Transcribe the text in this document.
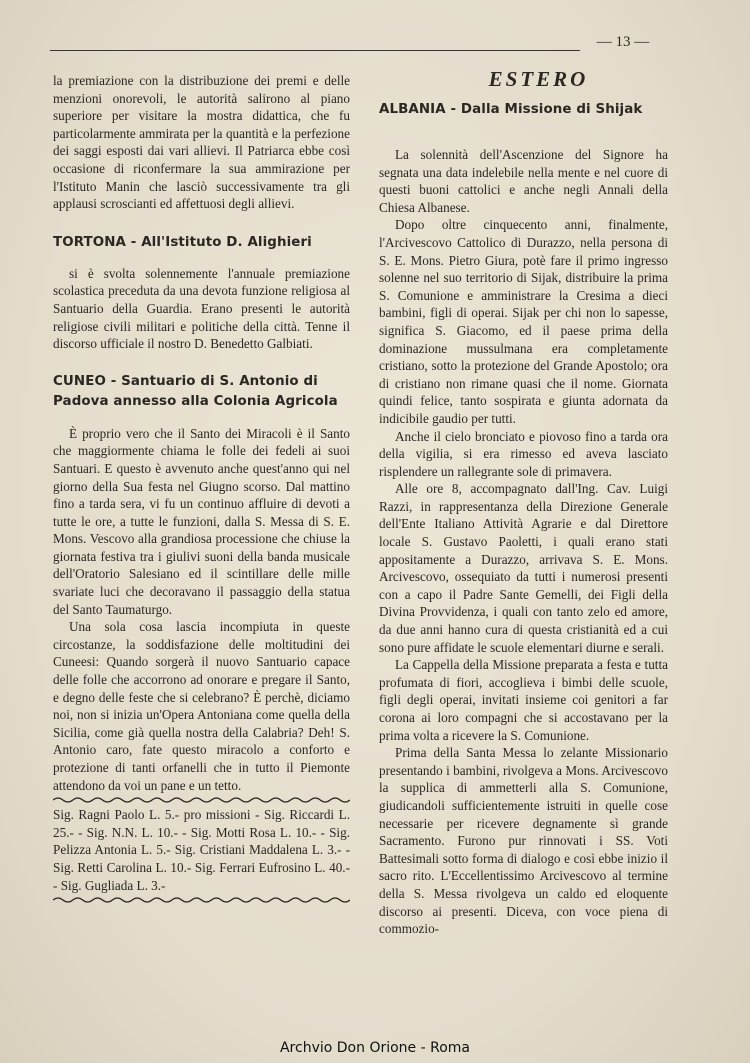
— 13 —

la premiazione con la distribuzione dei premi e delle menzioni onorevoli, le autorità salirono al piano superiore per visitare la mostra didattica, che fu particolarmente ammirata per la quantità e la perfezione dei saggi esposti dai vari allievi. Il Patriarca ebbe così occasione di riconfermare la sua ammirazione per l'Istituto Manin che lasciò successivamente tra gli applausi scroscianti ed affettuosi degli allievi.

TORTONA - All'Istituto D. Alighieri

si è svolta solennemente l'annuale premiazione scolastica preceduta da una devota funzione religiosa al Santuario della Guardia. Erano presenti le autorità religiose civili militari e politiche della città. Tenne il discorso ufficiale il nostro D. Benedetto Galbiati.

CUNEO - Santuario di S. Antonio di Padova annesso alla Colonia Agricola

È proprio vero che il Santo dei Miracoli è il Santo che maggiormente chiama le folle dei fedeli ai suoi Santuari. E questo è avvenuto anche quest'anno qui nel giorno della Sua festa nel Giugno scorso. Dal mattino fino a tarda sera, vi fu un continuo affluire di devoti a tutte le ore, a tutte le funzioni, dalla S. Messa di S. E. Mons. Vescovo alla grandiosa processione che chiuse la giornata festiva tra i giulivi suoni della banda musicale dell'Oratorio Salesiano ed il scintillare delle mille svariate luci che decoravano il passaggio della statua del Santo Taumaturgo.

Una sola cosa lascia incompiuta in queste circostanze, la soddisfazione delle moltitudini dei Cuneesi: Quando sorgerà il nuovo Santuario capace delle folle che accorrono ad onorare e pregare il Santo, e degno delle feste che si celebrano? È perchè, diciamo noi, non si inizia un'Opera Antoniana come quella della Sicilia, come già quella nostra della Calabria? Deh! S. Antonio caro, fate questo miracolo a conforto e protezione di tanti orfanelli che in tutto il Piemonte attendono da voi un pane e un tetto.

Sig. Ragni Paolo L. 5.- pro missioni - Sig. Riccardi L. 25.- - Sig. N.N. L. 10.- - Sig. Motti Rosa L. 10.- - Sig. Pelizza Antonia L. 5.- Sig. Cristiani Maddalena L. 3.- - Sig. Retti Carolina L. 10.- Sig. Ferrari Eufrosino L. 40.- - Sig. Gugliada L. 3.-

ESTERO
ALBANIA - Dalla Missione di Shijak

La solennità dell'Ascenzione del Signore ha segnata una data indelebile nella mente e nel cuore di questi buoni cattolici e anche negli Annali della Chiesa Albanese.

Dopo oltre cinquecento anni, finalmente, l'Arcivescovo Cattolico di Durazzo, nella persona di S. E. Mons. Pietro Giura, potè fare il primo ingresso solenne nel suo territorio di Sijak, distribuire la prima S. Comunione e amministrare la Cresima a dieci bambini, figli di operai. Sijak per chi non lo sapesse, significa S. Giacomo, ed il paese prima della dominazione mussulmana era completamente cristiano, sotto la protezione del Grande Apostolo; ora di cristiano non rimane quasi che il nome. Giornata quindi felice, tanto sospirata e giunta adornata da indicibile gaudio per tutti.

Anche il cielo bronciato e piovoso fino a tarda ora della vigilia, si era rimesso ed aveva lasciato risplendere un rallegrante sole di primavera.

Alle ore 8, accompagnato dall'Ing. Cav. Luigi Razzi, in rappresentanza della Direzione Generale dell'Ente Italiano Attività Agrarie e dal Direttore locale S. Gustavo Paoletti, i quali erano stati appositamente a Durazzo, arrivava S. E. Mons. Arcivescovo, ossequiato da tutti i numerosi presenti con a capo il Padre Sante Gemelli, dei Figli della Divina Provvidenza, i quali con tanto zelo ed amore, da due anni hanno cura di questa cristianità ed a cui sono pure affidate le scuole elementari diurne e serali.

La Cappella della Missione preparata a festa e tutta profumata di fiori, accoglieva i bimbi delle scuole, figli degli operai, invitati insieme coi genitori a far corona ai loro compagni che si accostavano per la prima volta a ricevere la S. Comunione.

Prima della Santa Messa lo zelante Missionario presentando i bambini, rivolgeva a Mons. Arcivescovo la supplica di ammetterli alla S. Comunione, giudicandoli sufficientemente istruiti in quelle cose necessarie per ricevere degnamente sì grande Sacramento. Furono pur rinnovati i SS. Voti Battesimali sotto forma di dialogo e così ebbe inizio il sacro rito. L'Eccellentissimo Arcivescovo al termine della S. Messa rivolgeva un caldo ed eloquente discorso ai presenti. Diceva, con voce piena di commozio-

Archvio Don Orione - Roma
